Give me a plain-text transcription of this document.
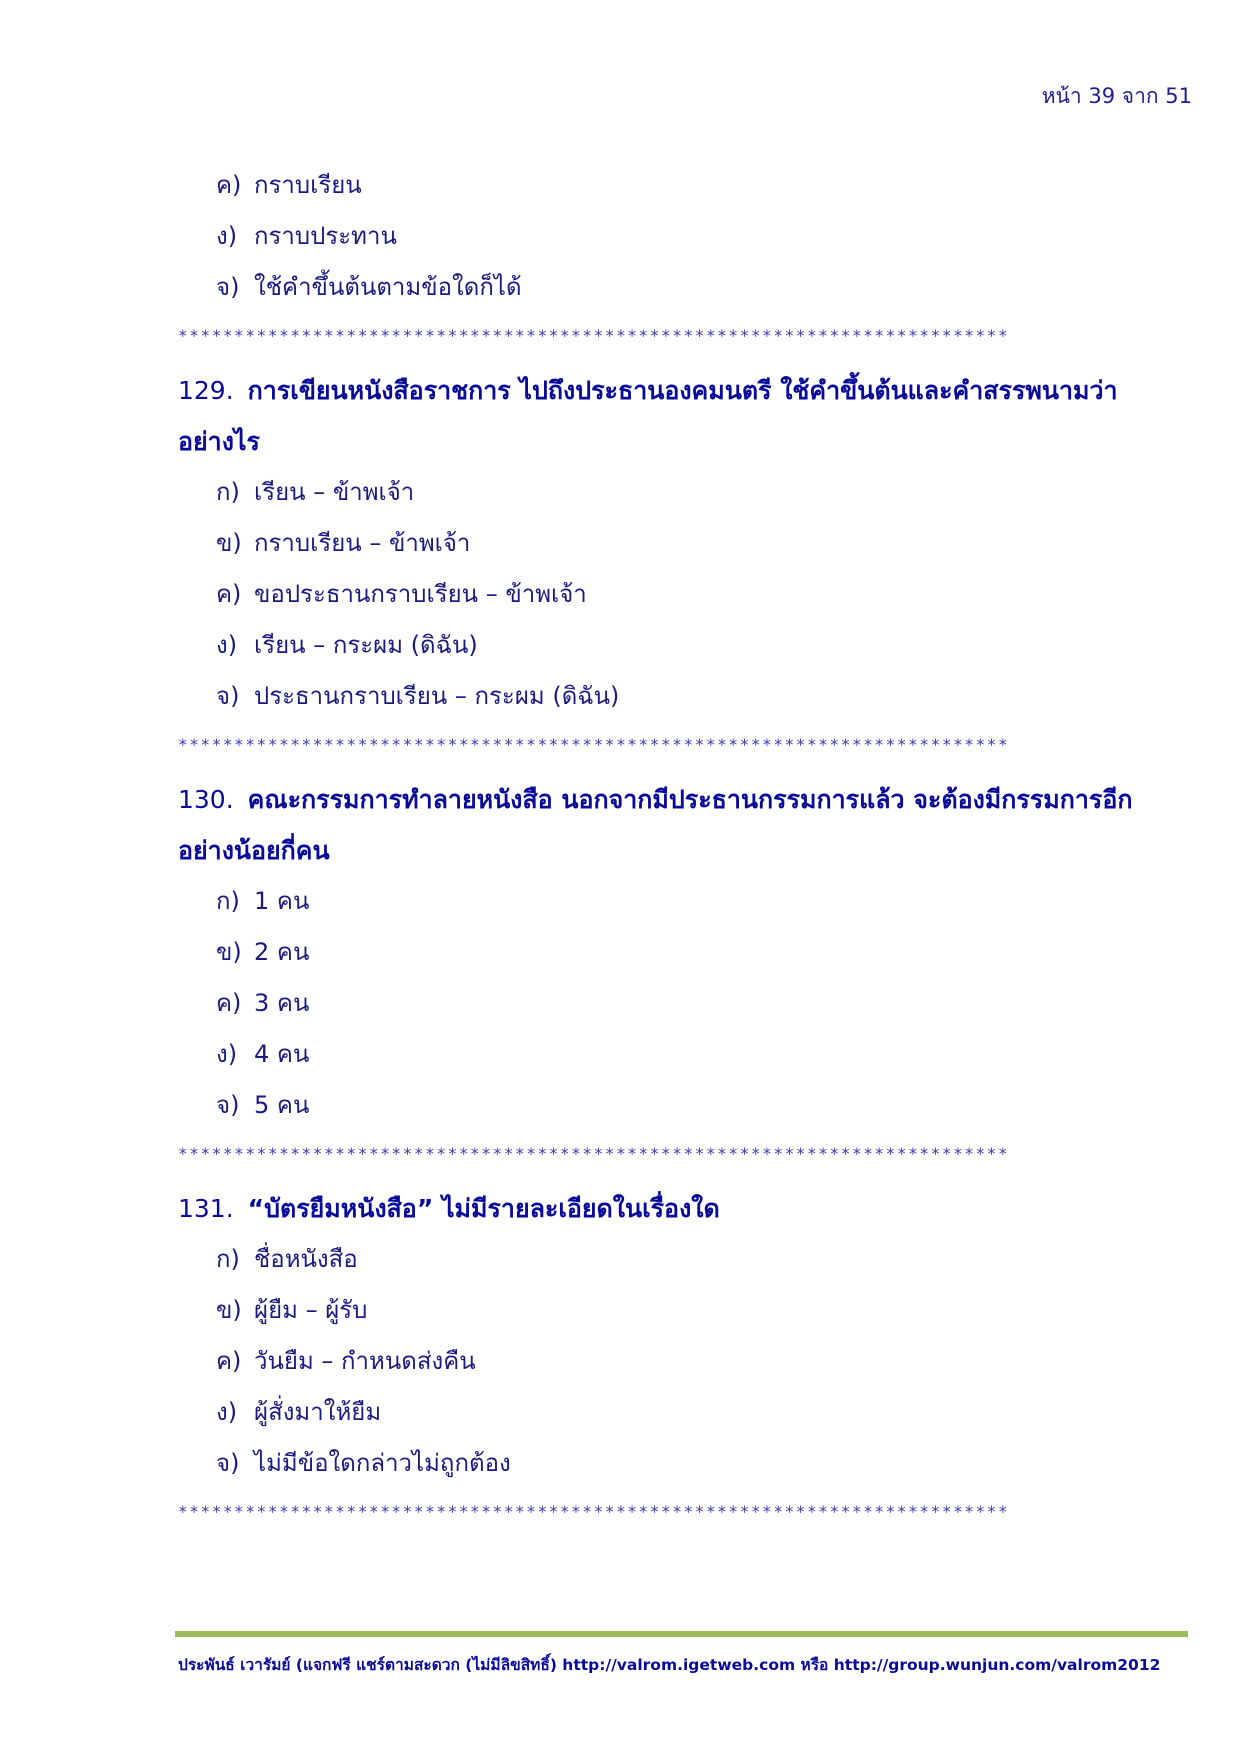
หน้า 39 จาก 51
ค) กราบเรียน
ง) กราบประทาน
จ) ใช้คำขึ้นต้นตามข้อใดก็ได้
**************************************************************************
129. การเขียนหนังสือราชการ ไปถึงประธานองคมนตรี ใช้คำขึ้นต้นและคำสรรพนามว่าอย่างไร
ก) เรียน – ข้าพเจ้า
ข) กราบเรียน – ข้าพเจ้า
ค) ขอประธานกราบเรียน – ข้าพเจ้า
ง) เรียน – กระผม (ดิฉัน)
จ) ประธานกราบเรียน – กระผม (ดิฉัน)
**************************************************************************
130. คณะกรรมการทำลายหนังสือ นอกจากมีประธานกรรมการแล้ว จะต้องมีกรรมการอีกอย่างน้อยกี่คน
ก) 1 คน
ข) 2 คน
ค) 3 คน
ง) 4 คน
จ) 5 คน
**************************************************************************
131. “บัตรยืมหนังสือ” ไม่มีรายละเอียดในเรื่องใด
ก) ชื่อหนังสือ
ข) ผู้ยืม – ผู้รับ
ค) วันยืม – กำหนดส่งคืน
ง) ผู้สั่งมาให้ยืม
จ) ไม่มีข้อใดกล่าวไม่ถูกต้อง
**************************************************************************
ประพันธ์ เวารัมย์ (แจกฟรี แชร์ตามสะดวก (ไม่มีลิขสิทธิ์) http://valrom.igetweb.com หรือ http://group.wunjun.com/valrom2012
